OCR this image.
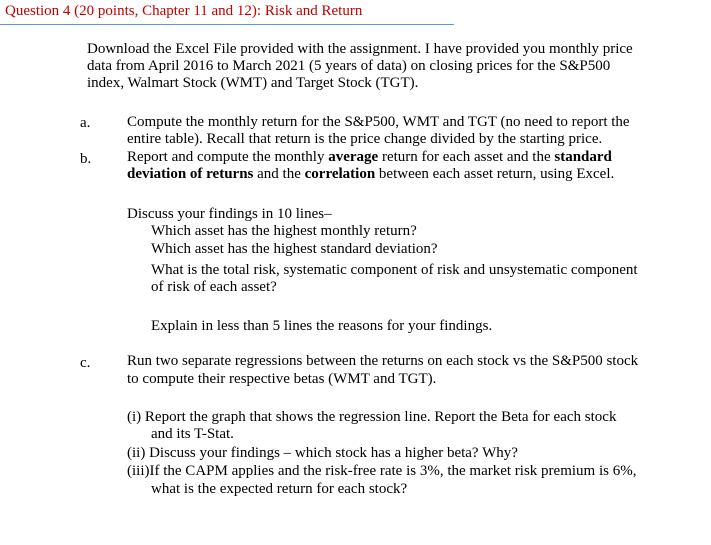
Question 4 (20 points, Chapter 11 and 12): Risk and Return
Download the Excel File provided with the assignment. I have provided you monthly price
data from April 2016 to March 2021 (5 years of data) on closing prices for the S&P500
index, Walmart Stock (WMT) and Target Stock (TGT).
a. Compute the monthly return for the S&P500, WMT and TGT (no need to report the
entire table). Recall that return is the price change divided by the starting price.
b. Report and compute the monthly average return for each asset and the standard
deviation of returns and the correlation between each asset return, using Excel.
Discuss your findings in 10 lines–
Which asset has the highest monthly return?
Which asset has the highest standard deviation?
What is the total risk, systematic component of risk and unsystematic component
of risk of each asset?
Explain in less than 5 lines the reasons for your findings.
c. Run two separate regressions between the returns on each stock vs the S&P500 stock
to compute their respective betas (WMT and TGT).
(i) Report the graph that shows the regression line. Report the Beta for each stock
and its T-Stat.
(ii) Discuss your findings – which stock has a higher beta? Why?
(iii)If the CAPM applies and the risk-free rate is 3%, the market risk premium is 6%,
what is the expected return for each stock?
